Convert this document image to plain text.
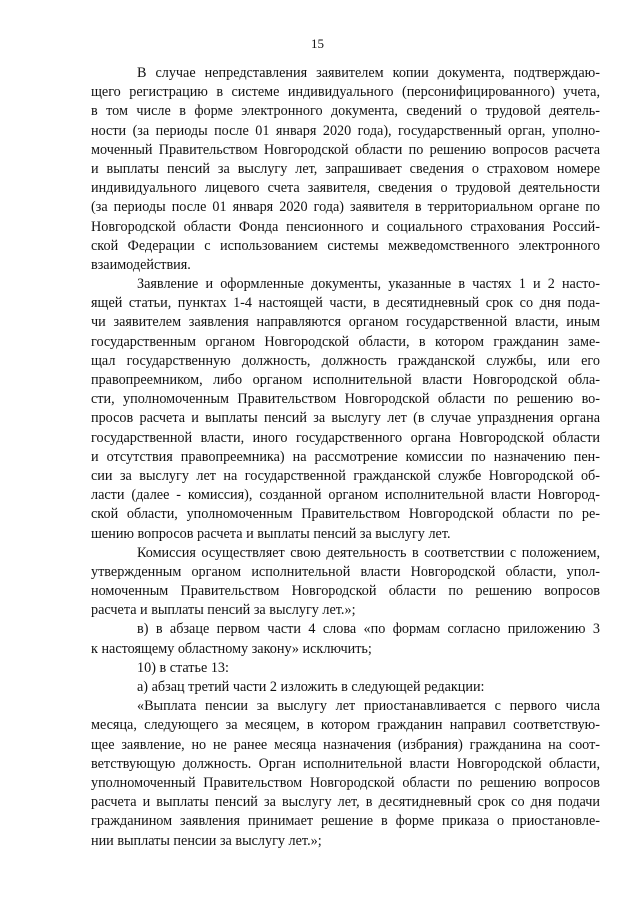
15
В случае непредставления заявителем копии документа, подтверждаю-
щего регистрацию в системе индивидуального (персонифицированного) учета,
в том числе в форме электронного документа, сведений о трудовой деятель-
ности (за периоды после 01 января 2020 года), государственный орган, уполно-
моченный Правительством Новгородской области по решению вопросов расчета
и выплаты пенсий за выслугу лет, запрашивает сведения о страховом номере
индивидуального лицевого счета заявителя, сведения о трудовой деятельности
(за периоды после 01 января 2020 года) заявителя в территориальном органе по
Новгородской области Фонда пенсионного и социального страхования Россий-
ской Федерации с использованием системы межведомственного электронного
взаимодействия.
Заявление и оформленные документы, указанные в частях 1 и 2 насто-
ящей статьи, пунктах 1-4 настоящей части, в десятидневный срок со дня пода-
чи заявителем заявления направляются органом государственной власти, иным
государственным органом Новгородской области, в котором гражданин заме-
щал государственную должность, должность гражданской службы, или его
правопреемником, либо органом исполнительной власти Новгородской обла-
сти, уполномоченным Правительством Новгородской области по решению во-
просов расчета и выплаты пенсий за выслугу лет (в случае упразднения органа
государственной власти, иного государственного органа Новгородской области
и отсутствия правопреемника) на рассмотрение комиссии по назначению пен-
сии за выслугу лет на государственной гражданской службе Новгородской об-
ласти (далее - комиссия), созданной органом исполнительной власти Новгород-
ской области, уполномоченным Правительством Новгородской области по ре-
шению вопросов расчета и выплаты пенсий за выслугу лет.
Комиссия осуществляет свою деятельность в соответствии с положением,
утвержденным органом исполнительной власти Новгородской области, упол-
номоченным Правительством Новгородской области по решению вопросов
расчета и выплаты пенсий за выслугу лет.»;
в) в абзаце первом части 4 слова «по формам согласно приложению 3
к настоящему областному закону» исключить;
10) в статье 13:
а) абзац третий части 2 изложить в следующей редакции:
«Выплата пенсии за выслугу лет приостанавливается с первого числа
месяца, следующего за месяцем, в котором гражданин направил соответствую-
щее заявление, но не ранее месяца назначения (избрания) гражданина на соот-
ветствующую должность. Орган исполнительной власти Новгородской области,
уполномоченный Правительством Новгородской области по решению вопросов
расчета и выплаты пенсий за выслугу лет, в десятидневный срок со дня подачи
гражданином заявления принимает решение в форме приказа о приостановле-
нии выплаты пенсии за выслугу лет.»;
